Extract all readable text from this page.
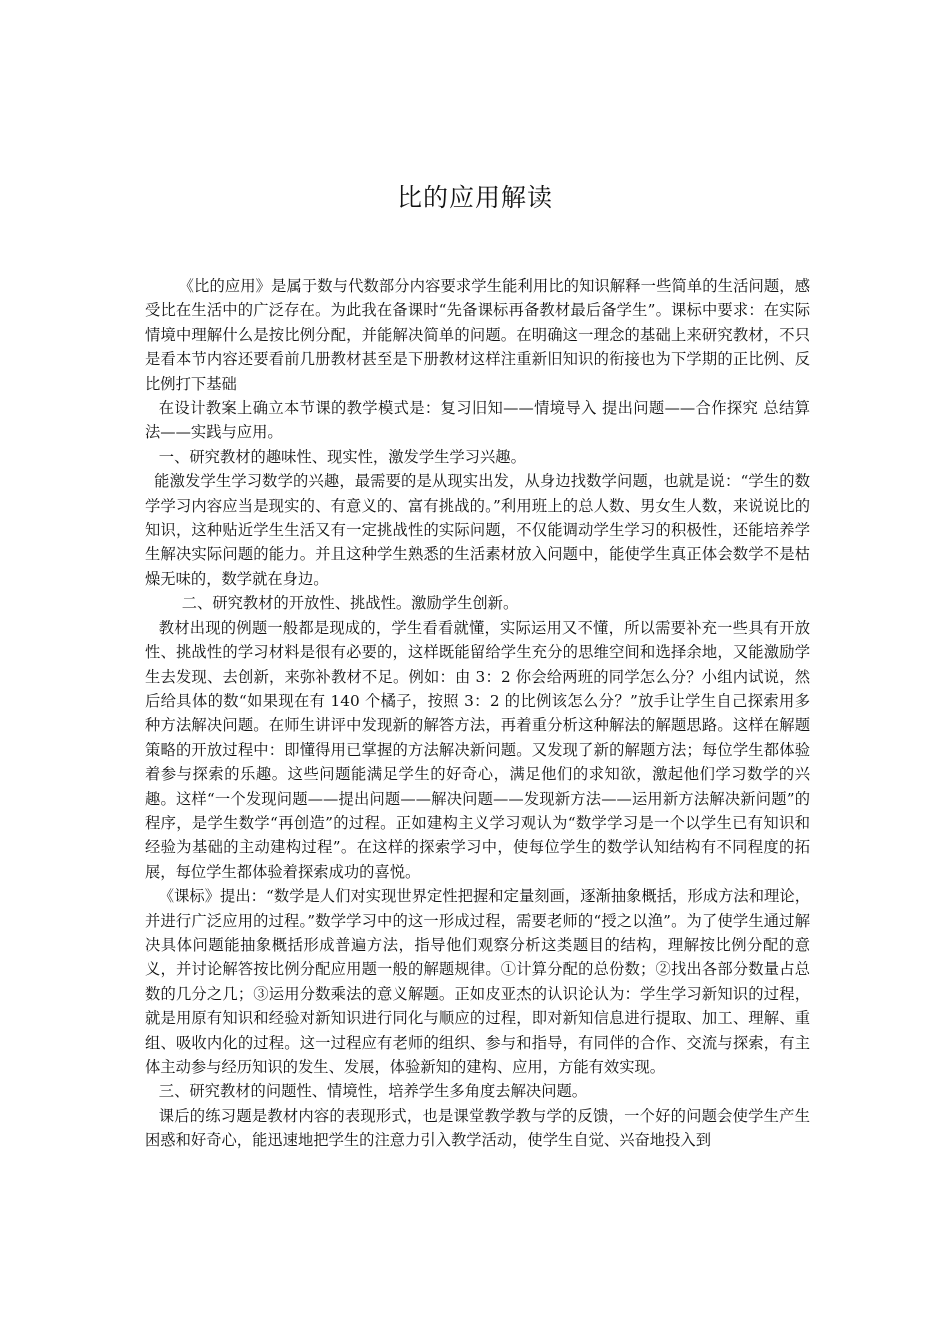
比的应用解读

《比的应用》是属于数与代数部分内容要求学生能利用比的知识解释一些简单的生活问题，感受比在生活中的广泛存在。为此我在备课时“先备课标再备教材最后备学生”。课标中要求：在实际情境中理解什么是按比例分配，并能解决简单的问题。在明确这一理念的基础上来研究教材，不只是看本节内容还要看前几册教材甚至是下册教材这样注重新旧知识的衔接也为下学期的正比例、反比例打下基础

在设计教案上确立本节课的教学模式是：复习旧知——情境导入 提出问题——合作探究 总结算法——实践与应用。

一、研究教材的趣味性、现实性，激发学生学习兴趣。

能激发学生学习数学的兴趣，最需要的是从现实出发，从身边找数学问题，也就是说：“学生的数学学习内容应当是现实的、有意义的、富有挑战的。”利用班上的总人数、男女生人数，来说说比的知识，这种贴近学生生活又有一定挑战性的实际问题，不仅能调动学生学习的积极性，还能培养学生解决实际问题的能力。并且这种学生熟悉的生活素材放入问题中，能使学生真正体会数学不是枯燥无味的，数学就在身边。

二、研究教材的开放性、挑战性。激励学生创新。

教材出现的例题一般都是现成的，学生看看就懂，实际运用又不懂，所以需要补充一些具有开放性、挑战性的学习材料是很有必要的，这样既能留给学生充分的思维空间和选择余地，又能激励学生去发现、去创新，来弥补教材不足。例如：由 3：2 你会给两班的同学怎么分？小组内试说，然后给具体的数“如果现在有 140 个橘子，按照 3：2 的比例该怎么分？”放手让学生自己探索用多种方法解决问题。在师生讲评中发现新的解答方法，再着重分析这种解法的解题思路。这样在解题策略的开放过程中：即懂得用已掌握的方法解决新问题。又发现了新的解题方法；每位学生都体验着参与探索的乐趣。这些问题能满足学生的好奇心，满足他们的求知欲，激起他们学习数学的兴趣。这样“一个发现问题——提出问题——解决问题——发现新方法——运用新方法解决新问题”的程序，是学生数学“再创造”的过程。正如建构主义学习观认为“数学学习是一个以学生已有知识和经验为基础的主动建构过程”。在这样的探索学习中，使每位学生的数学认知结构有不同程度的拓展，每位学生都体验着探索成功的喜悦。

《课标》提出：“数学是人们对实现世界定性把握和定量刻画，逐渐抽象概括，形成方法和理论，并进行广泛应用的过程。”数学学习中的这一形成过程，需要老师的“授之以渔”。为了使学生通过解决具体问题能抽象概括形成普遍方法，指导他们观察分析这类题目的结构，理解按比例分配的意义，并讨论解答按比例分配应用题一般的解题规律。①计算分配的总份数；②找出各部分数量占总数的几分之几；③运用分数乘法的意义解题。正如皮亚杰的认识论认为：学生学习新知识的过程，就是用原有知识和经验对新知识进行同化与顺应的过程，即对新知信息进行提取、加工、理解、重组、吸收内化的过程。这一过程应有老师的组织、参与和指导，有同伴的合作、交流与探索，有主体主动参与经历知识的发生、发展，体验新知的建构、应用，方能有效实现。

三、研究教材的问题性、情境性，培养学生多角度去解决问题。

课后的练习题是教材内容的表现形式，也是课堂教学教与学的反馈，一个好的问题会使学生产生困惑和好奇心，能迅速地把学生的注意力引入教学活动，使学生自觉、兴奋地投入到
